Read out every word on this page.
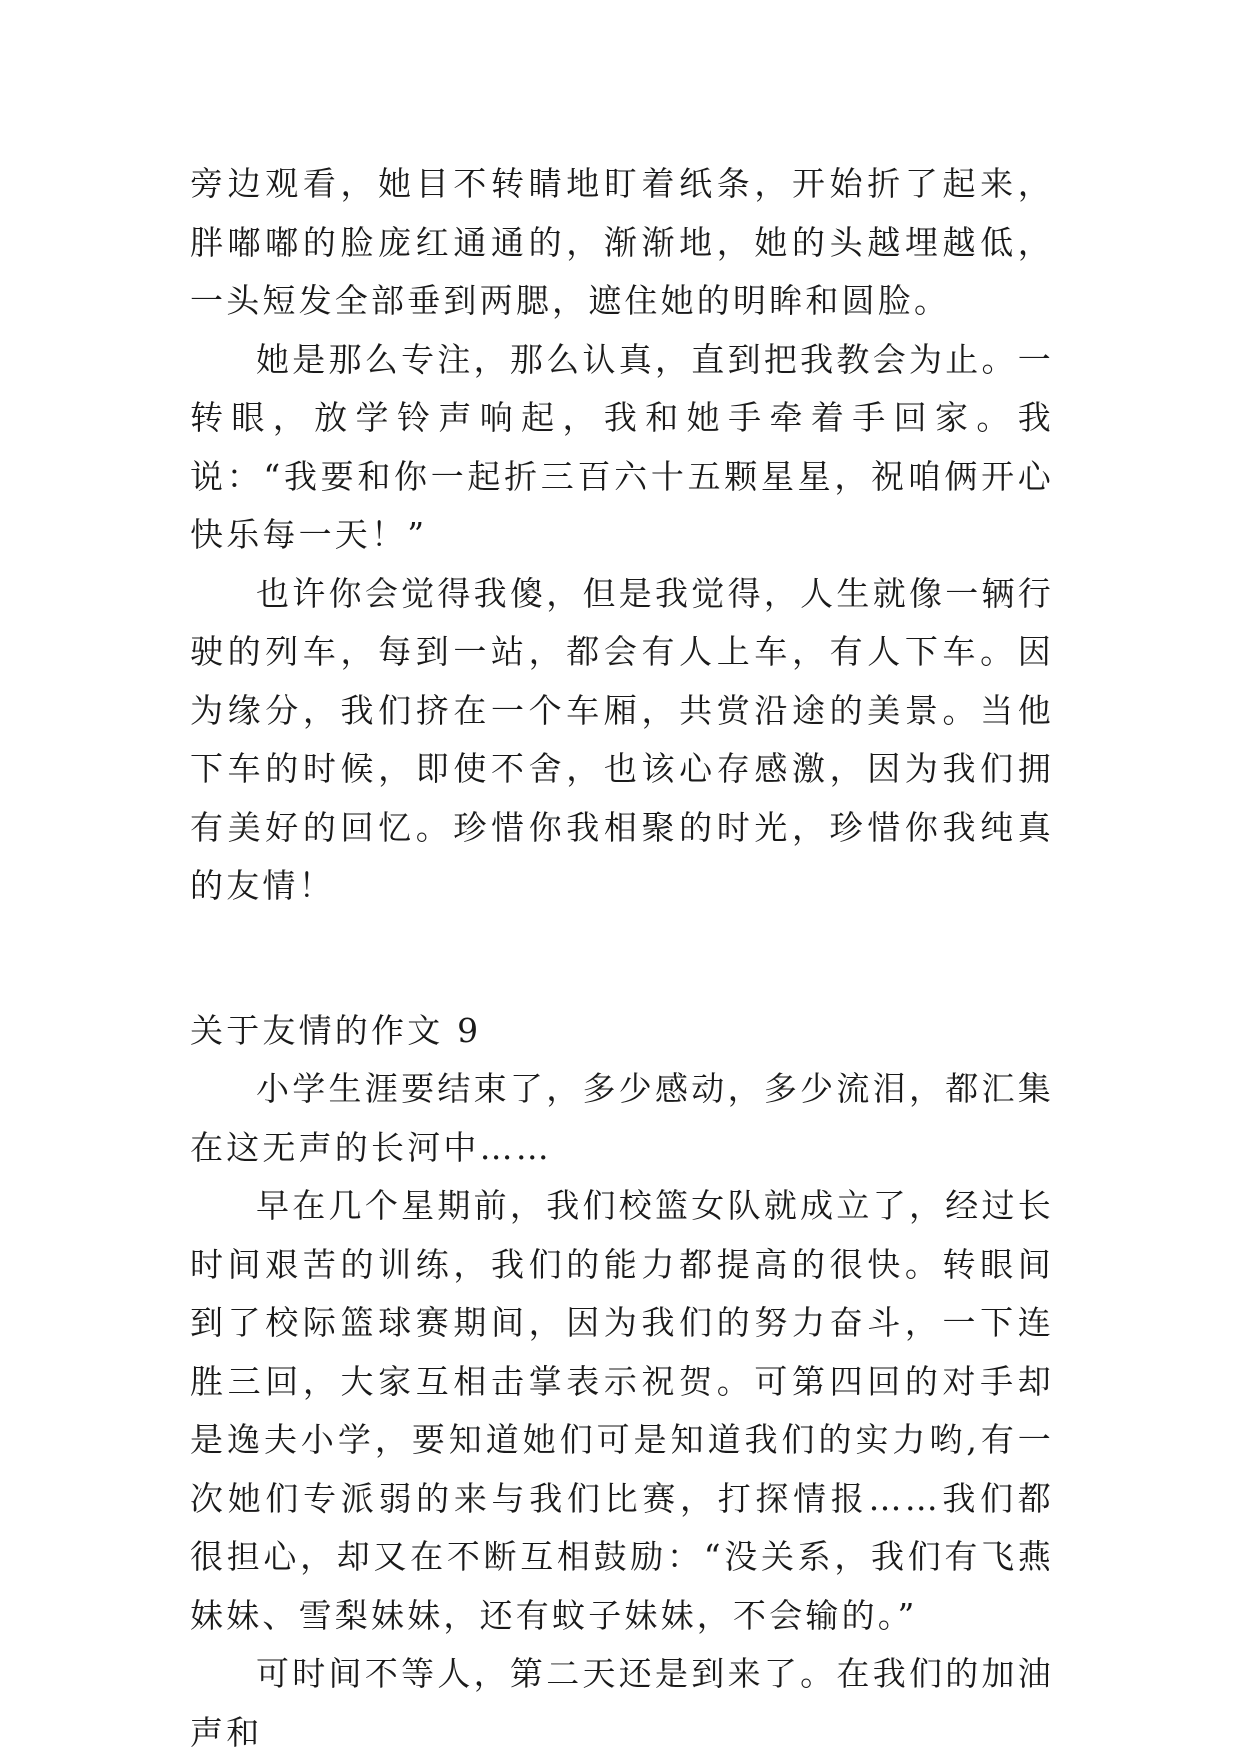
旁边观看，她目不转睛地盯着纸条，开始折了起来，胖嘟嘟的脸庞红通通的，渐渐地，她的头越埋越低，一头短发全部垂到两腮，遮住她的明眸和圆脸。

她是那么专注，那么认真，直到把我教会为止。一转眼，放学铃声响起，我和她手牵着手回家。我说：“我要和你一起折三百六十五颗星星，祝咱俩开心快乐每一天！”

也许你会觉得我傻，但是我觉得，人生就像一辆行驶的列车，每到一站，都会有人上车，有人下车。因为缘分，我们挤在一个车厢，共赏沿途的美景。当他下车的时候，即使不舍，也该心存感激，因为我们拥有美好的回忆。珍惜你我相聚的时光，珍惜你我纯真的友情！

关于友情的作文 9

小学生涯要结束了，多少感动，多少流泪，都汇集在这无声的长河中……

早在几个星期前，我们校篮女队就成立了，经过长时间艰苦的训练，我们的能力都提高的很快。转眼间到了校际篮球赛期间，因为我们的努力奋斗，一下连胜三回，大家互相击掌表示祝贺。可第四回的对手却是逸夫小学，要知道她们可是知道我们的实力哟,有一次她们专派弱的来与我们比赛，打探情报……我们都很担心，却又在不断互相鼓励：“没关系，我们有飞燕妹妹、雪梨妹妹，还有蚊子妹妹，不会输的。”

可时间不等人，第二天还是到来了。在我们的加油声和
